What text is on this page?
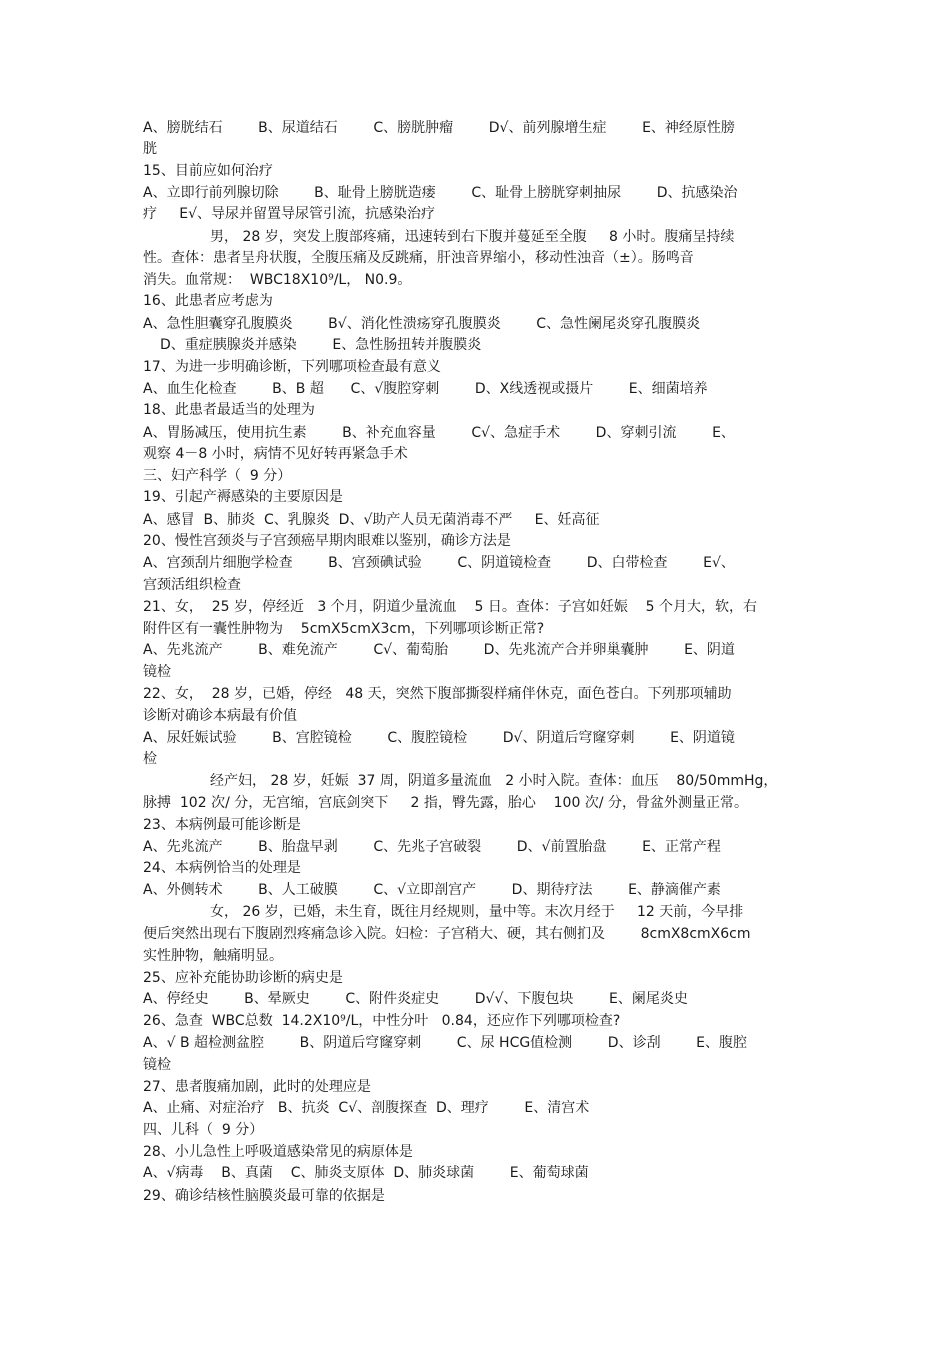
A、膀胱结石        B、尿道结石        C、膀胱肿瘤        D√、前列腺增生症        E、神经原性膀
胱
15、目前应如何治疗
A、立即行前列腺切除        B、耻骨上膀胱造瘘        C、耻骨上膀胱穿刺抽尿        D、抗感染治
疗     E√、导尿并留置导尿管引流，抗感染治疗
男， 28 岁，突发上腹部疼痛，迅速转到右下腹并蔓延至全腹     8 小时。腹痛呈持续
性。查体：患者呈舟状腹，全腹压痛及反跳痛，肝浊音界缩小，移动性浊音（±）。肠鸣音
消失。血常规：  WBC18X10⁹/L， N0.9。
16、此患者应考虑为
A、急性胆囊穿孔腹膜炎        B√、消化性溃疡穿孔腹膜炎        C、急性阑尾炎穿孔腹膜炎
D、重症胰腺炎并感染        E、急性肠扭转并腹膜炎
17、为进一步明确诊断，下列哪项检查最有意义
A、血生化检查        B、B 超      C、√腹腔穿刺        D、X线透视或摄片        E、细菌培养
18、此患者最适当的处理为
A、胃肠减压，使用抗生素        B、补充血容量        C√、急症手术        D、穿刺引流        E、
观察 4－8 小时，病情不见好转再紧急手术
三、妇产科学（  9 分）
19、引起产褥感染的主要原因是
A、感冒  B、肺炎  C、乳腺炎  D、√助产人员无菌消毒不严     E、妊高征
20、慢性宫颈炎与子宫颈癌早期肉眼难以鉴别，确诊方法是
A、宫颈刮片细胞学检查        B、宫颈碘试验        C、阴道镜检查        D、白带检查        E√、
宫颈活组织检查
21、女，  25 岁，停经近   3 个月，阴道少量流血    5 日。查体：子宫如妊娠    5 个月大，软，右
附件区有一囊性肿物为    5cmX5cmX3cm，下列哪项诊断正常?
A、先兆流产        B、难免流产        C√、葡萄胎        D、先兆流产合并卵巢囊肿        E、阴道
镜检
22、女，  28 岁，已婚，停经   48 天，突然下腹部撕裂样痛伴休克，面色苍白。下列那项辅助
诊断对确诊本病最有价值
A、尿妊娠试验        B、宫腔镜检        C、腹腔镜检        D√、阴道后穹窿穿刺        E、阴道镜
检
经产妇， 28 岁，妊娠  37 周，阴道多量流血   2 小时入院。查体：血压    80/50mmHg，
脉搏  102 次/ 分，无宫缩，宫底剑突下     2 指，臀先露，胎心    100 次/ 分，骨盆外测量正常。
23、本病例最可能诊断是
A、先兆流产        B、胎盘早剥        C、先兆子宫破裂        D、√前置胎盘        E、正常产程
24、本病例恰当的处理是
A、外侧转术        B、人工破膜        C、√立即剖宫产        D、期待疗法        E、静滴催产素
女， 26 岁，已婚，未生育，既往月经规则，量中等。末次月经于     12 天前，今早排
便后突然出现右下腹剧烈疼痛急诊入院。妇检：子宫稍大、硬，其右侧扪及        8cmX8cmX6cm
实性肿物，触痛明显。
25、应补充能协助诊断的病史是
A、停经史        B、晕厥史        C、附件炎症史        D√√、下腹包块        E、阑尾炎史
26、急查  WBC总数  14.2X10⁹/L，中性分叶   0.84，还应作下列哪项检查?
A、√ B 超检测盆腔        B、阴道后穹窿穿刺        C、尿 HCG值检测        D、诊刮        E、腹腔
镜检
27、患者腹痛加剧，此时的处理应是
A、止痛、对症治疗   B、抗炎  C√、剖腹探查  D、理疗        E、清宫术
四、儿科（  9 分）
28、小儿急性上呼吸道感染常见的病原体是
A、√病毒    B、真菌    C、肺炎支原体  D、肺炎球菌        E、葡萄球菌
29、确诊结核性脑膜炎最可靠的依据是
